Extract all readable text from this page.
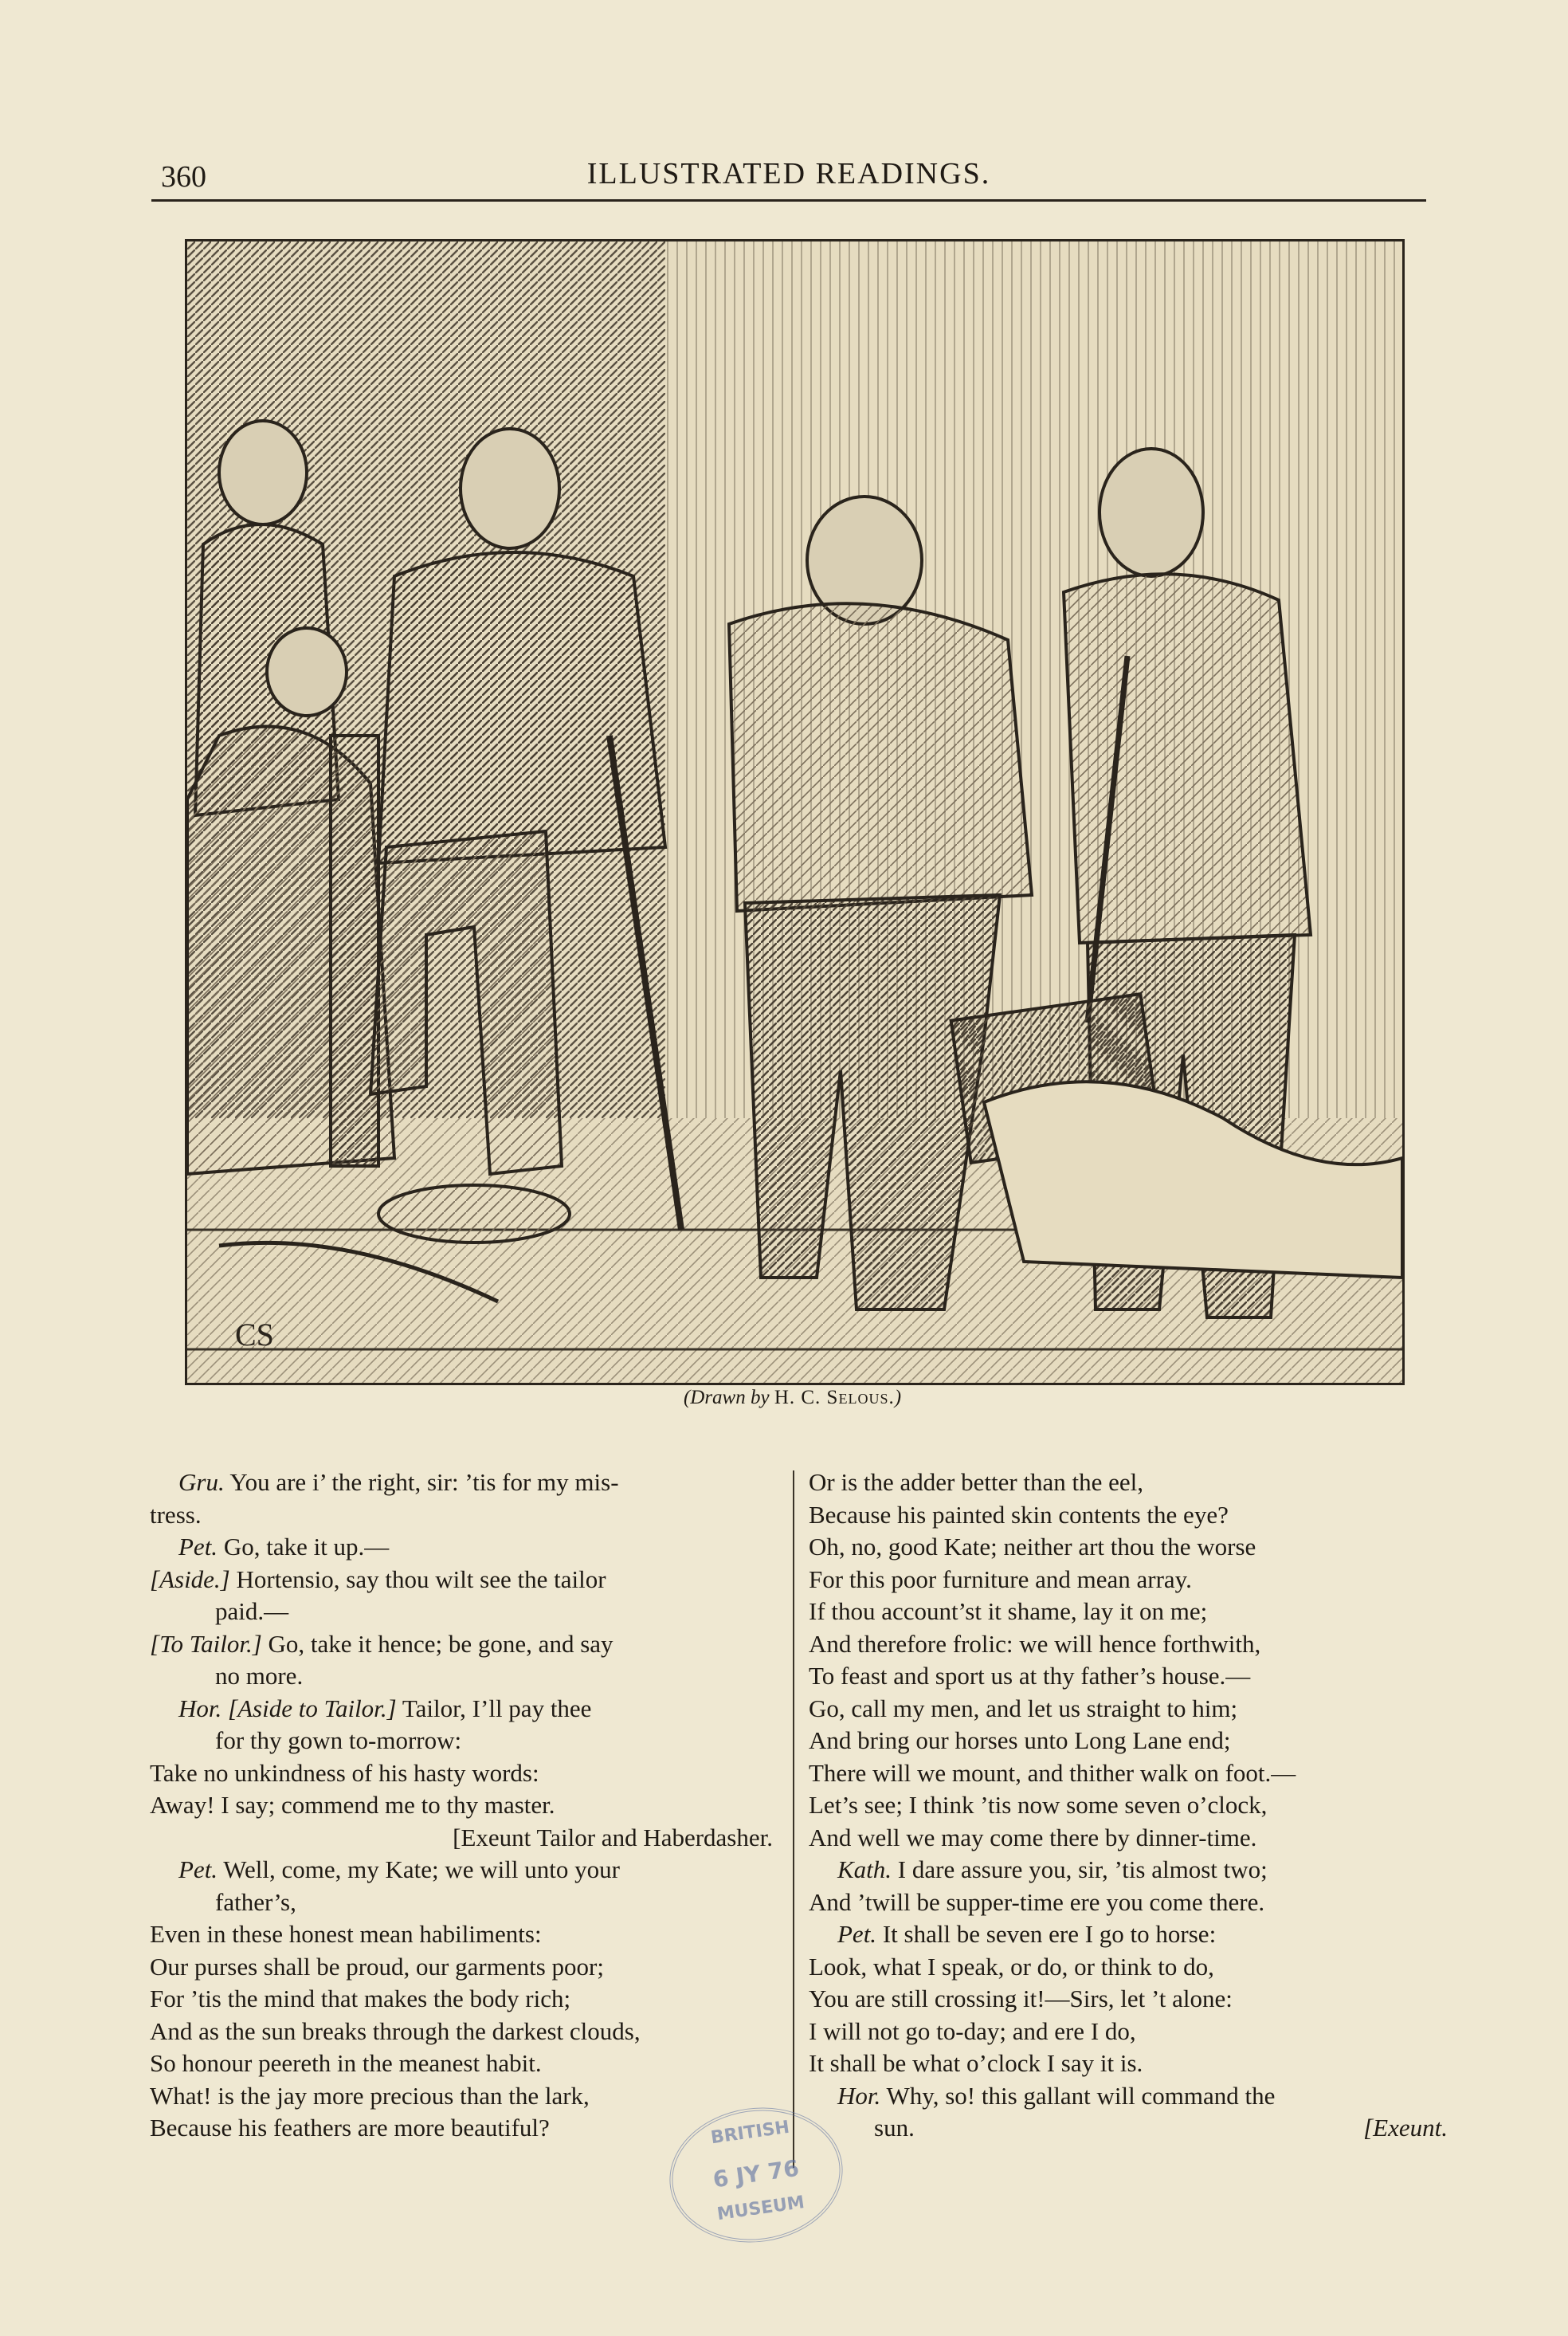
360	ILLUSTRATED READINGS.
CS
(Drawn by H. C. Selous.)
Gru. You are i’ the right, sir: ’tis for my mis-
tress.
Pet. Go, take it up.—
[Aside.] Hortensio, say thou wilt see the tailor
paid.—
[To Tailor.] Go, take it hence; be gone, and say
no more.
Hor. [Aside to Tailor.] Tailor, I’ll pay thee
for thy gown to-morrow:
Take no unkindness of his hasty words:
Away! I say; commend me to thy master.
[Exeunt Tailor and Haberdasher.
Pet. Well, come, my Kate; we will unto your
father’s,
Even in these honest mean habiliments:
Our purses shall be proud, our garments poor;
For ’tis the mind that makes the body rich;
And as the sun breaks through the darkest clouds,
So honour peereth in the meanest habit.
What! is the jay more precious than the lark,
Because his feathers are more beautiful?
Or is the adder better than the eel,
Because his painted skin contents the eye?
Oh, no, good Kate; neither art thou the worse
For this poor furniture and mean array.
If thou account’st it shame, lay it on me;
And therefore frolic: we will hence forthwith,
To feast and sport us at thy father’s house.—
Go, call my men, and let us straight to him;
And bring our horses unto Long Lane end;
There will we mount, and thither walk on foot.—
Let’s see; I think ’tis now some seven o’clock,
And well we may come there by dinner-time.
Kath. I dare assure you, sir, ’tis almost two;
And ’twill be supper-time ere you come there.
Pet. It shall be seven ere I go to horse:
Look, what I speak, or do, or think to do,
You are still crossing it!—Sirs, let ’t alone:
I will not go to-day; and ere I do,
It shall be what o’clock I say it is.
Hor. Why, so! this gallant will command the
sun.	[Exeunt.
BRITISH
6 JY 76
MUSEUM
